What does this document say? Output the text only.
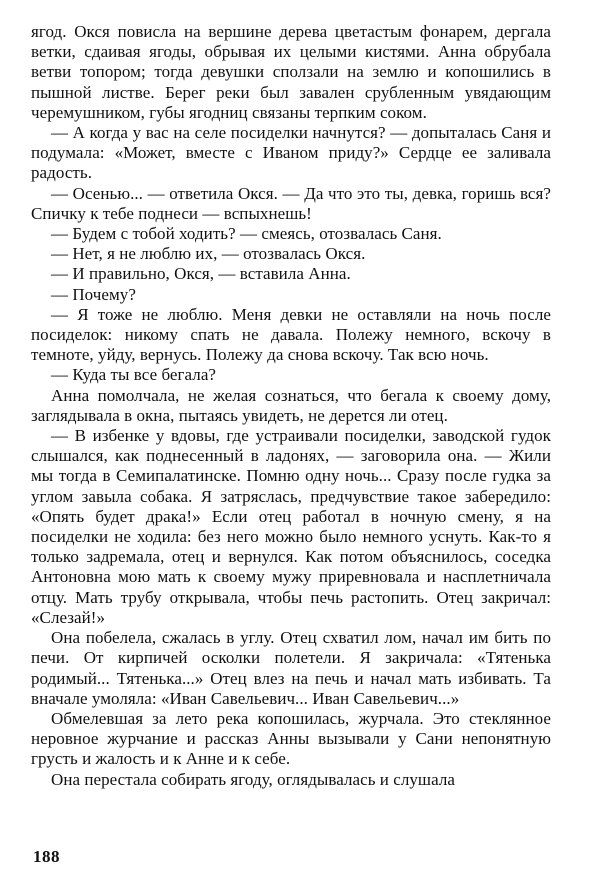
ягод. Окся повисла на вершине дерева цветастым фонарем, дергала ветки, сдаивая ягоды, обрывая их целыми кистями. Анна обрубала ветви топором; тогда девушки сползали на землю и копошились в пышной листве. Берег реки был завален срубленным увядающим черемушником, губы ягодниц связаны терпким соком.

— А когда у вас на селе посиделки начнутся? — допыталась Саня и подумала: «Может, вместе с Иваном приду?» Сердце ее заливала радость.

— Осенью... — ответила Окся. — Да что это ты, девка, горишь вся? Спичку к тебе поднеси — вспыхнешь!

— Будем с тобой ходить? — смеясь, отозвалась Саня.

— Нет, я не люблю их, — отозвалась Окся.

— И правильно, Окся, — вставила Анна.

— Почему?

— Я тоже не люблю. Меня девки не оставляли на ночь после посиделок: никому спать не давала. Полежу немного, вскочу в темноте, уйду, вернусь. Полежу да снова вскочу. Так всю ночь.

— Куда ты все бегала?

Анна помолчала, не желая сознаться, что бегала к своему дому, заглядывала в окна, пытаясь увидеть, не дерется ли отец.

— В избенке у вдовы, где устраивали посиделки, заводской гудок слышался, как поднесенный в ладонях, — заговорила она. — Жили мы тогда в Семипалатинске. Помню одну ночь... Сразу после гудка за углом завыла собака. Я затряслась, предчувствие такое забередило: «Опять будет драка!» Если отец работал в ночную смену, я на посиделки не ходила: без него можно было немного уснуть. Как-то я только задремала, отец и вернулся. Как потом объяснилось, соседка Антоновна мою мать к своему мужу приревновала и насплетничала отцу. Мать трубу открывала, чтобы печь растопить. Отец закричал: «Слезай!»

Она побелела, сжалась в углу. Отец схватил лом, начал им бить по печи. От кирпичей осколки полетели. Я закричала: «Тятенька родимый... Тятенька...» Отец влез на печь и начал мать избивать. Та вначале умоляла: «Иван Савельевич... Иван Савельевич...»

Обмелевшая за лето река копошилась, журчала. Это стеклянное неровное журчание и рассказ Анны вызывали у Сани непонятную грусть и жалость и к Анне и к себе.

Она перестала собирать ягоду, оглядывалась и слушала

188
